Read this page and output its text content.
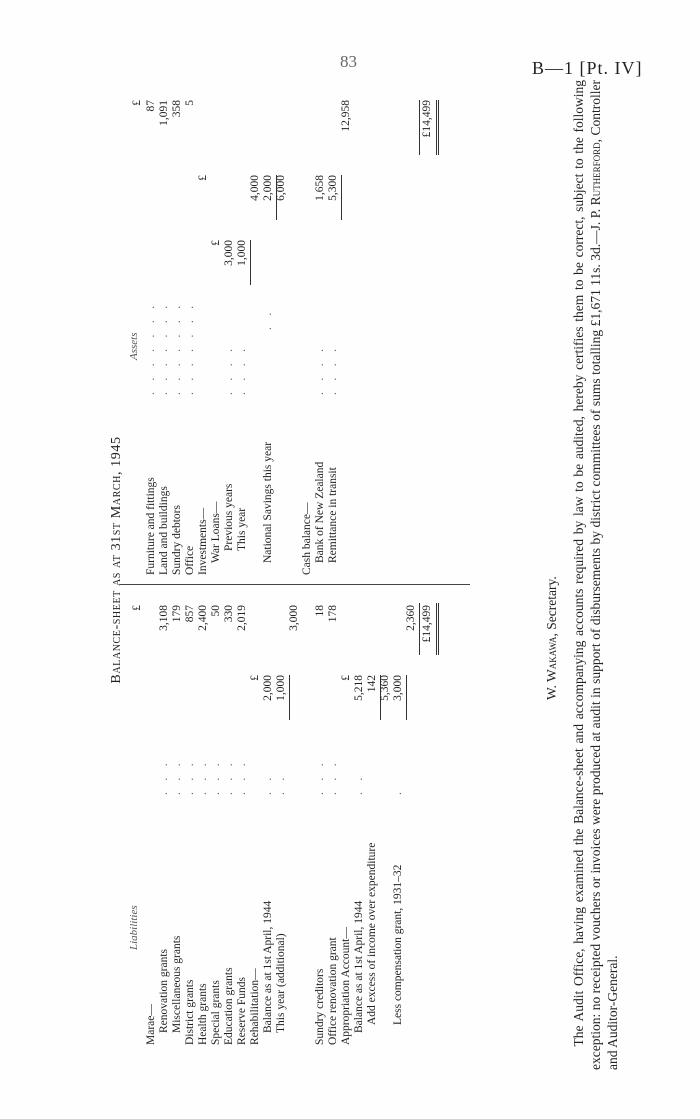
83	B—1 [Pt. IV]
Balance-sheet as at 31st March, 1945
Liabilities
Assets
£
Marae— Renovation grants
.    .    .
3,108
Miscellaneous grants
.    .    .
179
District grants
.    .    .
857
Health grants
.    .    .
2,400
Special grants
.    .    .
50
Education grants
.    .    .
330
Reserve Funds
.    .    .
2,019
Rehabilitation—
£
Balance as at 1st April, 1944
.    .
2,000
This year (additional)
.    .
1,000
3,000
Sundry creditors
.    .    .
18
Office renovation grant
.    .    .
178
Appropriation Account—
£
Balance as at 1st April, 1944
.    .
5,218
Add excess of income over expenditure
142 5,360
Less compensation grant, 1931–32
.
3,000
2,360 £14,499
£
Furniture and fittings
.    .    .    .    .    .    .
87
Land and buildings
.    .    .    .    .    .    .
1,091
Sundry debtors
.    .    .    .    .    .    .
358
Office
.    .    .    .    .    .    .
5
Investments—
£
War Loans—
£
Previous years
.    .    .    .
3,000
This year
.    .    .    .
1,000
4,000
National Savings this year
.    .
2,000 6,000
Cash balance— Bank of New Zealand
.    .    .    .
1,658
Remittance in transit
.    .    .    .
5,300
12,958	£14,499
W. Wakawa, Secretary. The Audit Office, having examined the Balance-sheet and accompanying accounts required by law to be audited, hereby certifies them to be correct, subject to the following exception: no receipted vouchers or invoices were produced at audit in support of disbursements by district committees of sums totalling £1,671 11s. 3d.—J. P. Rutherford, Controller and Auditor-General.
